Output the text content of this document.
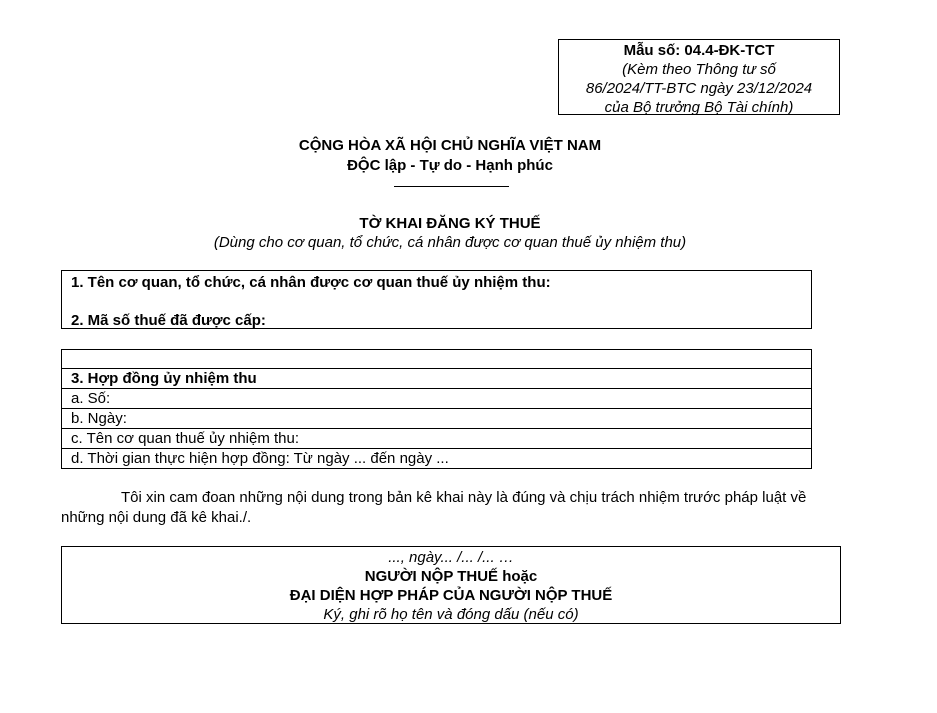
Mẫu số: 04.4-ĐK-TCT
(Kèm theo Thông tư số
86/2024/TT-BTC ngày 23/12/2024
của Bộ trưởng Bộ Tài chính)
CỘNG HÒA XÃ HỘI CHỦ NGHĨA VIỆT NAM
ĐỘC lập - Tự do - Hạnh phúc
TỜ KHAI ĐĂNG KÝ THUẾ
(Dùng cho cơ quan, tổ chức, cá nhân được cơ quan thuế ủy nhiệm thu)
1. Tên cơ quan, tổ chức, cá nhân được cơ quan thuế ủy nhiệm thu:
2. Mã số thuế đã được cấp:

3. Hợp đồng ủy nhiệm thu
a. Số:
b. Ngày:
c. Tên cơ quan thuế ủy nhiệm thu:
d. Thời gian thực hiện hợp đồng: Từ ngày ... đến ngày ...
Tôi xin cam đoan những nội dung trong bản kê khai này là đúng và chịu trách nhiệm trước pháp luật về những nội dung đã kê khai./.
..., ngày... /... /... …
NGƯỜI NỘP THUẾ hoặc
ĐẠI DIỆN HỢP PHÁP CỦA NGƯỜI NỘP THUẾ
Ký, ghi rõ họ tên và đóng dấu (nếu có)
